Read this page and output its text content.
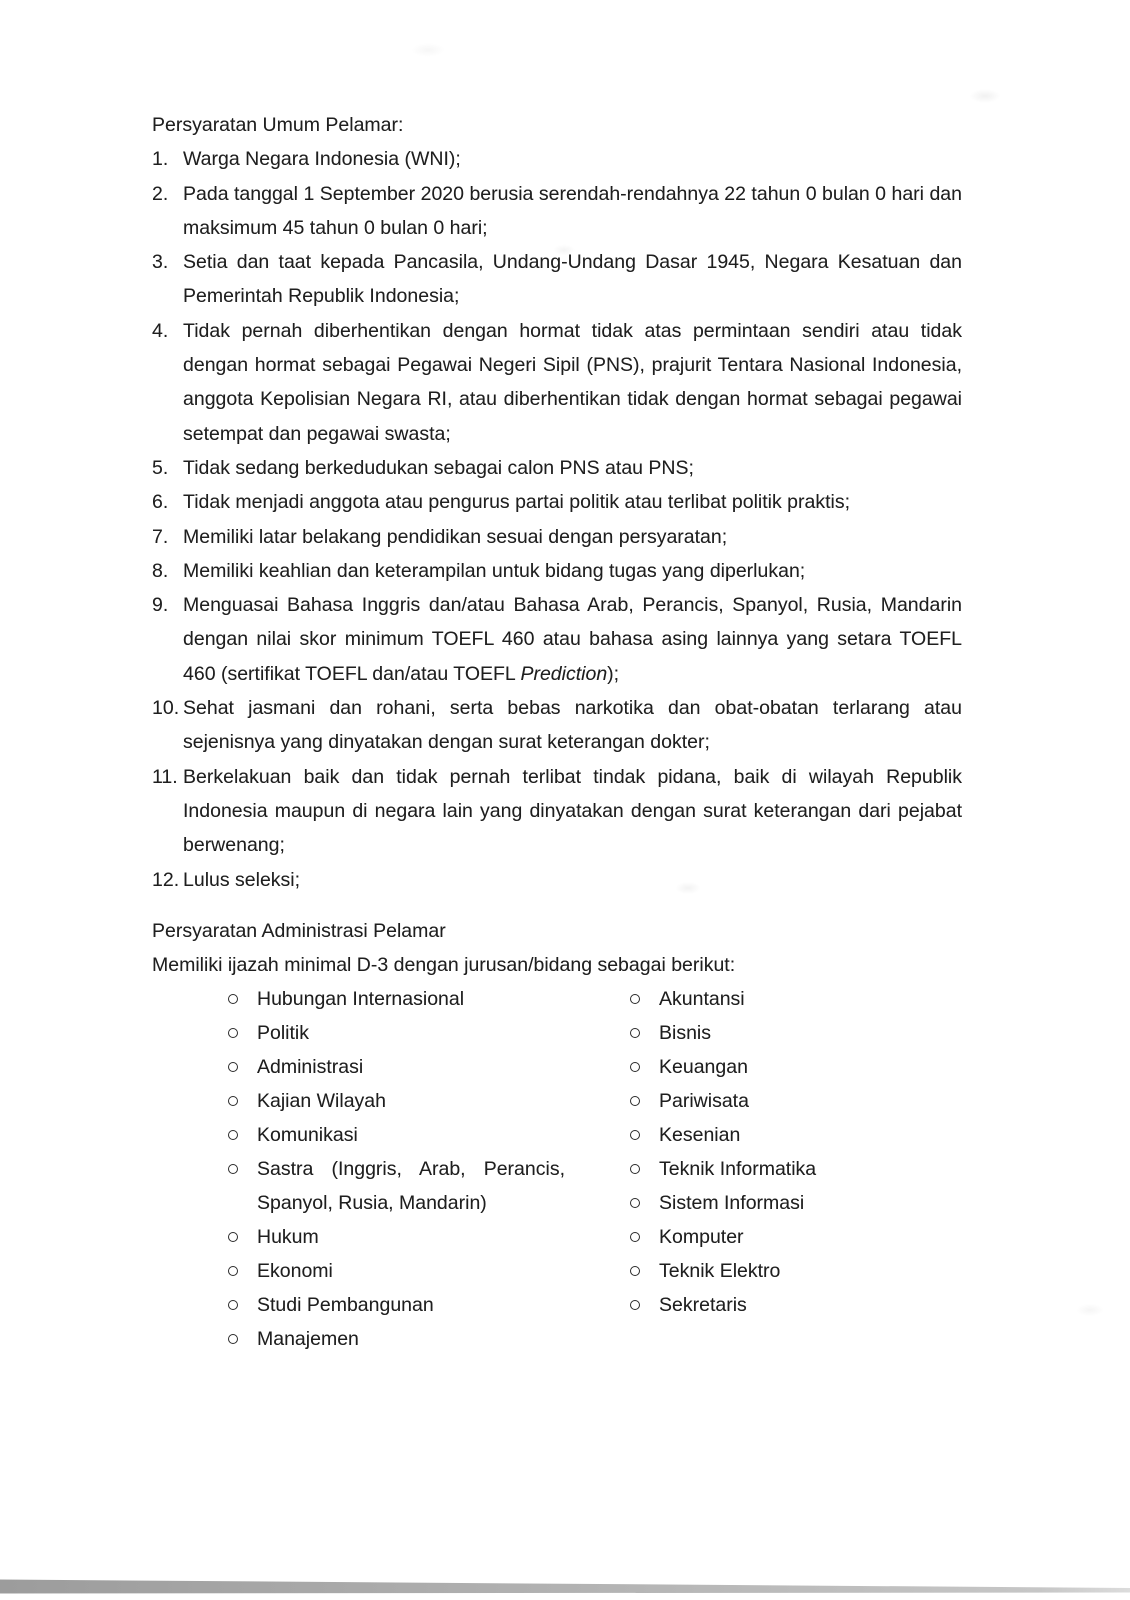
Persyaratan Umum Pelamar:
1. Warga Negara Indonesia (WNI);
2. Pada tanggal 1 September 2020 berusia serendah-rendahnya 22 tahun 0 bulan 0 hari dan maksimum 45 tahun 0 bulan 0 hari;
3. Setia dan taat kepada Pancasila, Undang-Undang Dasar 1945, Negara Kesatuan dan Pemerintah Republik Indonesia;
4. Tidak pernah diberhentikan dengan hormat tidak atas permintaan sendiri atau tidak dengan hormat sebagai Pegawai Negeri Sipil (PNS), prajurit Tentara Nasional Indonesia, anggota Kepolisian Negara RI, atau diberhentikan tidak dengan hormat sebagai pegawai setempat dan pegawai swasta;
5. Tidak sedang berkedudukan sebagai calon PNS atau PNS;
6. Tidak menjadi anggota atau pengurus partai politik atau terlibat politik praktis;
7. Memiliki latar belakang pendidikan sesuai dengan persyaratan;
8. Memiliki keahlian dan keterampilan untuk bidang tugas yang diperlukan;
9. Menguasai Bahasa Inggris dan/atau Bahasa Arab, Perancis, Spanyol, Rusia, Mandarin dengan nilai skor minimum TOEFL 460 atau bahasa asing lainnya yang setara TOEFL 460 (sertifikat TOEFL dan/atau TOEFL Prediction);
10. Sehat jasmani dan rohani, serta bebas narkotika dan obat-obatan terlarang atau sejenisnya yang dinyatakan dengan surat keterangan dokter;
11. Berkelakuan baik dan tidak pernah terlibat tindak pidana, baik di wilayah Republik Indonesia maupun di negara lain yang dinyatakan dengan surat keterangan dari pejabat berwenang;
12. Lulus seleksi;
Persyaratan Administrasi Pelamar
Memiliki ijazah minimal D-3 dengan jurusan/bidang sebagai berikut:
Hubungan Internasional
Politik
Administrasi
Kajian Wilayah
Komunikasi
Sastra (Inggris, Arab, Perancis, Spanyol, Rusia, Mandarin)
Hukum
Ekonomi
Studi Pembangunan
Manajemen
Akuntansi
Bisnis
Keuangan
Pariwisata
Kesenian
Teknik Informatika
Sistem Informasi
Komputer
Teknik Elektro
Sekretaris
